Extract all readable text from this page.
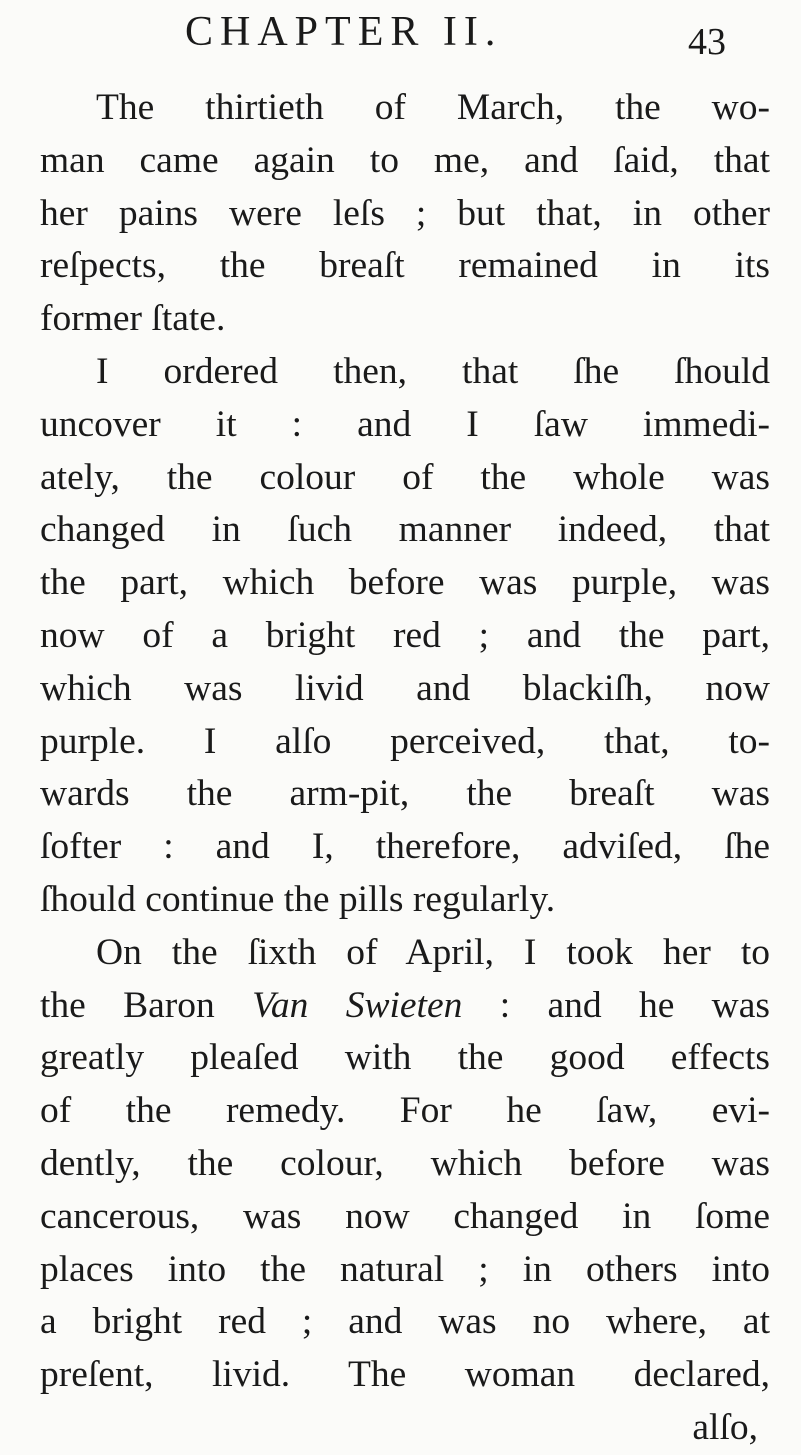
CHAPTER II.	43
The thirtieth of March, the wo-
man came again to me, and ſaid, that
her pains were leſs ; but that, in other
reſpects, the breaſt remained in its
former ſtate.
I ordered then, that ſhe ſhould
uncover it : and I ſaw immedi-
ately, the colour of the whole was
changed in ſuch manner indeed, that
the part, which before was purple, was
now of a bright red ; and the part,
which was livid and blackiſh, now
purple. I alſo perceived, that, to-
wards the arm-pit, the breaſt was
ſofter : and I, therefore, adviſed, ſhe
ſhould continue the pills regularly.
On the ſixth of April, I took her to
the Baron Van Swieten : and he was
greatly pleaſed with the good effects
of the remedy. For he ſaw, evi-
dently, the colour, which before was
cancerous, was now changed in ſome
places into the natural ; in others into
a bright red ; and was no where, at
preſent, livid. The woman declared,
alſo,
